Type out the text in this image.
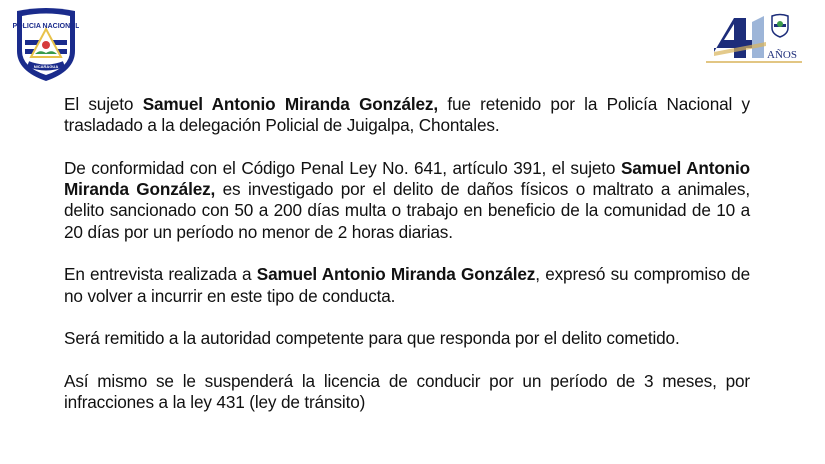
POLICIA NACIONAL
NICARAGUA
AÑOS

El sujeto Samuel Antonio Miranda González, fue retenido por la Policía Nacional y trasladado a la delegación Policial de Juigalpa, Chontales.

De conformidad con el Código Penal Ley No. 641, artículo 391, el sujeto Samuel Antonio Miranda González, es investigado por el delito de daños físicos o maltrato a animales, delito sancionado con 50 a 200 días multa o trabajo en beneficio de la comunidad de 10 a 20 días por un período no menor de 2 horas diarias.

En entrevista realizada a Samuel Antonio Miranda González, expresó su compromiso de no volver a incurrir en este tipo de conducta.

Será remitido a la autoridad competente para que responda por el delito cometido.

Así mismo se le suspenderá la licencia de conducir por un período de 3 meses, por infracciones a la ley 431 (ley de tránsito)
